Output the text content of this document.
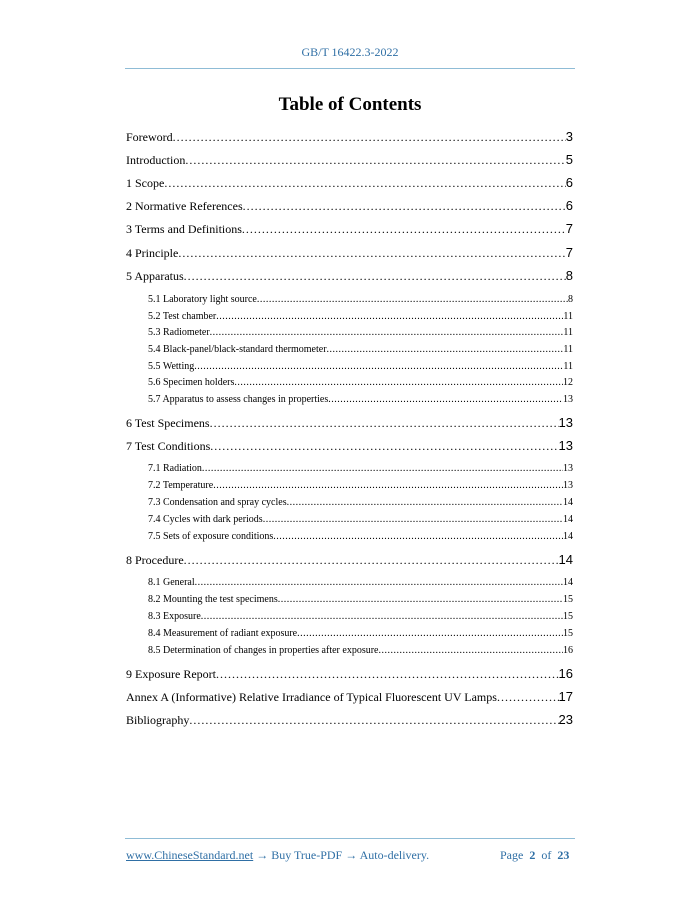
GB/T 16422.3-2022
Table of Contents
Foreword .....	3
Introduction .....	5
1 Scope .....	6
2 Normative References .....	6
3 Terms and Definitions .....	7
4 Principle .....	7
5 Apparatus .....	8
5.1 Laboratory light source .....	8
5.2 Test chamber .....	11
5.3 Radiometer .....	11
5.4 Black-panel/black-standard thermometer .....	11
5.5 Wetting .....	11
5.6 Specimen holders .....	12
5.7 Apparatus to assess changes in properties .....	13
6 Test Specimens .....	13
7 Test Conditions .....	13
7.1 Radiation .....	13
7.2 Temperature .....	13
7.3 Condensation and spray cycles .....	14
7.4 Cycles with dark periods .....	14
7.5 Sets of exposure conditions .....	14
8 Procedure .....	14
8.1 General .....	14
8.2 Mounting the test specimens .....	15
8.3 Exposure .....	15
8.4 Measurement of radiant exposure .....	15
8.5 Determination of changes in properties after exposure .....	16
9 Exposure Report .....	16
Annex A (Informative) Relative Irradiance of Typical Fluorescent UV Lamps .....	17
Bibliography .....	23
www.ChineseStandard.net → Buy True-PDF → Auto-delivery.	Page 2 of 23
